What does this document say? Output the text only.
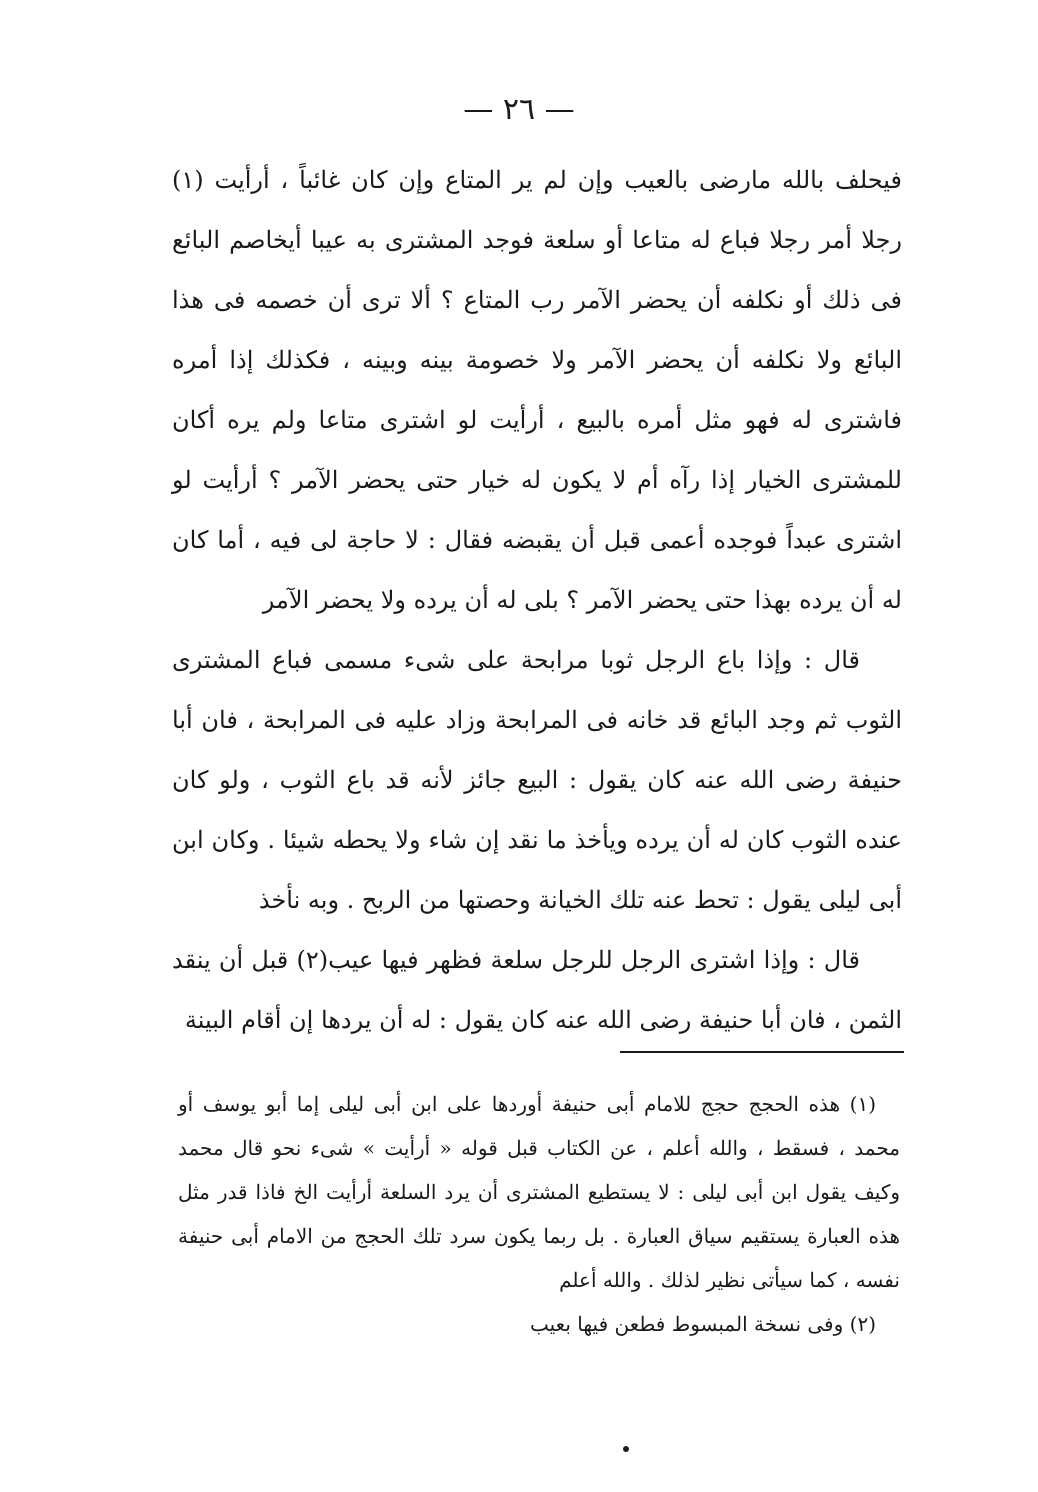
— ٢٦ —

فيحلف بالله مارضى بالعيب وإن لم ير المتاع وإن كان غائباً ، أرأيت (١) رجلا أمر رجلا فباع له متاعا أو سلعة فوجد المشترى به عيبا أيخاصم البائع فى ذلك أو نكلفه أن يحضر الآمر رب المتاع ؟ ألا ترى أن خصمه فى هذا البائع ولا نكلفه أن يحضر الآمر ولا خصومة بينه وبينه ، فكذلك إذا أمره فاشترى له فهو مثل أمره بالبيع ، أرأيت لو اشترى متاعا ولم يره أكان للمشترى الخيار إذا رآه أم لا يكون له خيار حتى يحضر الآمر ؟ أرأيت لو اشترى عبداً فوجده أعمى قبل أن يقبضه فقال : لا حاجة لى فيه ، أما كان له أن يرده بهذا حتى يحضر الآمر ؟ بلى له أن يرده ولا يحضر الآمر

قال : وإذا باع الرجل ثوبا مرابحة على شىء مسمى فباع المشترى الثوب ثم وجد البائع قد خانه فى المرابحة وزاد عليه فى المرابحة ، فان أبا حنيفة رضى الله عنه كان يقول : البيع جائز لأنه قد باع الثوب ، ولو كان عنده الثوب كان له أن يرده ويأخذ ما نقد إن شاء ولا يحطه شيئا . وكان ابن أبى ليلى يقول : تحط عنه تلك الخيانة وحصتها من الربح . وبه نأخذ

قال : وإذا اشترى الرجل للرجل سلعة فظهر فيها عيب(٢) قبل أن ينقد الثمن ، فان أبا حنيفة رضى الله عنه كان يقول : له أن يردها إن أقام البينة

(١) هذه الحجج حجج للامام أبى حنيفة أوردها على ابن أبى ليلى إما أبو يوسف أو محمد ، فسقط ، والله أعلم ، عن الكتاب قبل قوله « أرأيت » شىء نحو قال محمد وكيف يقول ابن أبى ليلى : لا يستطيع المشترى أن يرد السلعة أرأيت الخ فاذا قدر مثل هذه العبارة يستقيم سياق العبارة . بل ربما يكون سرد تلك الحجج من الامام أبى حنيفة نفسه ، كما سيأتى نظير لذلك . والله أعلم

(٢) وفى نسخة المبسوط فطعن فيها بعيب
